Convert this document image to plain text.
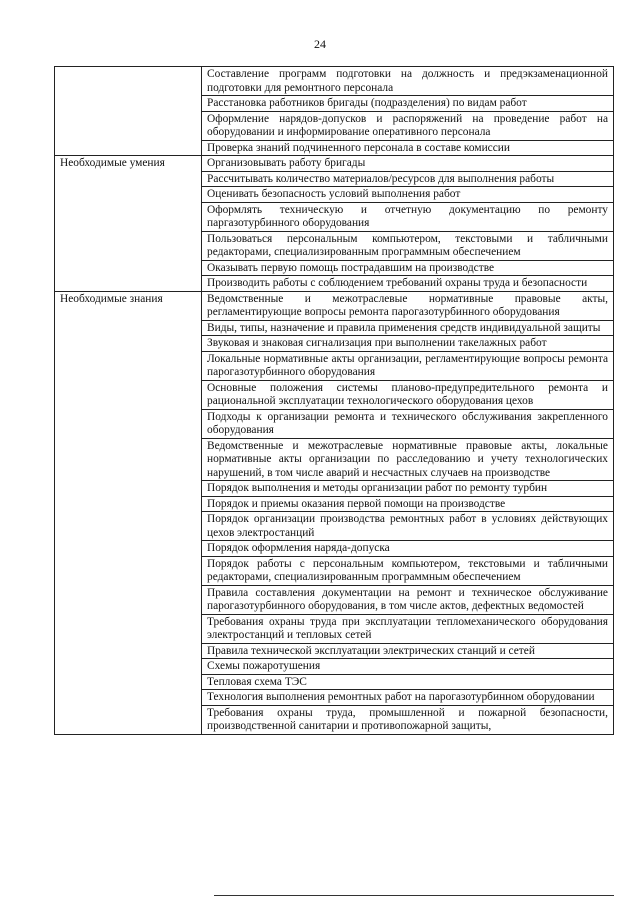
24
	Составление программ подготовки на должность и предэкзаменационной подготовки для ремонтного персонала
	Расстановка работников бригады (подразделения) по видам работ
	Оформление нарядов-допусков и распоряжений на проведение работ на оборудовании и информирование оперативного персонала
	Проверка знаний подчиненного персонала в составе комиссии
Необходимые умения	Организовывать работу бригады
	Рассчитывать количество материалов/ресурсов для выполнения работы
	Оценивать безопасность условий выполнения работ
	Оформлять техническую и отчетную документацию по ремонту паргазотурбинного оборудования
	Пользоваться персональным компьютером, текстовыми и табличными редакторами, специализированным программным обеспечением
	Оказывать первую помощь пострадавшим на производстве
	Производить работы с соблюдением требований охраны труда и безопасности
Необходимые знания	Ведомственные и межотраслевые нормативные правовые акты, регламентирующие вопросы ремонта парогазотурбинного оборудования
	Виды, типы, назначение и правила применения средств индивидуальной защиты
	Звуковая и знаковая сигнализация при выполнении такелажных работ
	Локальные нормативные акты организации, регламентирующие вопросы ремонта парогазотурбинного оборудования
	Основные положения системы планово-предупредительного ремонта и рациональной эксплуатации технологического оборудования цехов
	Подходы к организации ремонта и технического обслуживания закрепленного оборудования
	Ведомственные и межотраслевые нормативные правовые акты, локальные нормативные акты организации по расследованию и учету технологических нарушений, в том числе аварий и несчастных случаев на производстве
	Порядок выполнения и методы организации работ по ремонту турбин
	Порядок и приемы оказания первой помощи на производстве
	Порядок организации производства ремонтных работ в условиях действующих цехов электростанций
	Порядок оформления наряда-допуска
	Порядок работы с персональным компьютером, текстовыми и табличными редакторами, специализированным программным обеспечением
	Правила составления документации на ремонт и техническое обслуживание парогазотурбинного оборудования, в том числе актов, дефектных ведомостей
	Требования охраны труда при эксплуатации тепломеханического оборудования электростанций и тепловых сетей
	Правила технической эксплуатации электрических станций и сетей
	Схемы пожаротушения
	Тепловая схема ТЭС
	Технология выполнения ремонтных работ на парогазотурбинном оборудовании
	Требования охраны труда, промышленной и пожарной безопасности, производственной санитарии и противопожарной защиты,
